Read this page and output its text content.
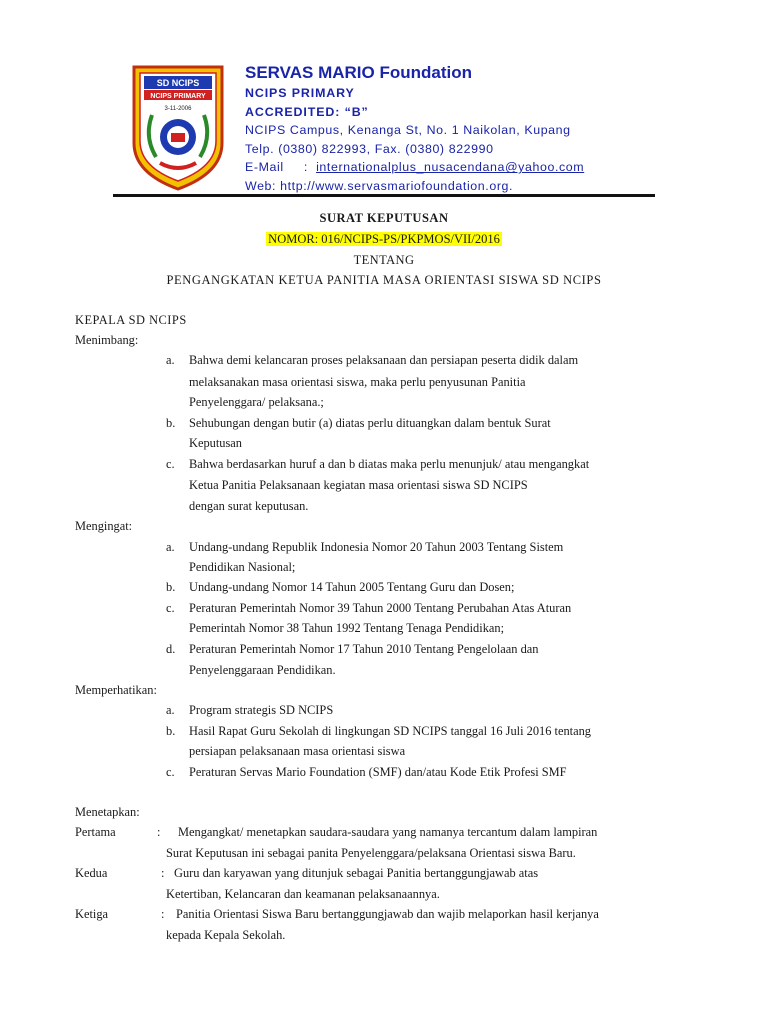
SD NCIPS
NCIPS PRIMARY
3-11-2006
SERVAS MARIO Foundation
NCIPS PRIMARY
ACCREDITED: “B”
NCIPS Campus, Kenanga St, No. 1 Naikolan, Kupang
Telp. (0380) 822993, Fax. (0380) 822990
E-Mail     :  internationalplus_nusacendana@yahoo.com
Web: http://www.servasmariofoundation.org.
SURAT KEPUTUSAN
NOMOR: 016/NCIPS-PS/PKPMOS/VII/2016
TENTANG
PENGANGKATAN KETUA PANITIA MASA ORIENTASI SISWA SD NCIPS
KEPALA SD NCIPS
Menimbang:
a. Bahwa demi kelancaran proses pelaksanaan dan persiapan peserta didik dalam
melaksanakan masa orientasi siswa, maka perlu penyusunan Panitia
Penyelenggara/ pelaksana.;
b. Sehubungan dengan butir (a) diatas perlu dituangkan dalam bentuk Surat
Keputusan
c. Bahwa berdasarkan huruf a dan b diatas maka perlu menunjuk/ atau mengangkat
Ketua Panitia Pelaksanaan kegiatan masa orientasi siswa SD NCIPS
dengan surat keputusan.
Mengingat:
a. Undang-undang Republik Indonesia Nomor 20 Tahun 2003 Tentang Sistem
Pendidikan Nasional;
b. Undang-undang Nomor 14 Tahun 2005 Tentang Guru dan Dosen;
c. Peraturan Pemerintah Nomor 39 Tahun 2000 Tentang Perubahan Atas Aturan
Pemerintah Nomor 38 Tahun 1992 Tentang Tenaga Pendidikan;
d. Peraturan Pemerintah Nomor 17 Tahun 2010 Tentang Pengelolaan dan
Penyelenggaraan Pendidikan.
Memperhatikan:
a. Program strategis SD NCIPS
b. Hasil Rapat Guru Sekolah di lingkungan SD NCIPS tanggal 16 Juli 2016 tentang
persiapan pelaksanaan masa orientasi siswa
c. Peraturan Servas Mario Foundation (SMF) dan/atau Kode Etik Profesi SMF
Menetapkan:
Pertama	: Mengangkat/ menetapkan saudara-saudara yang namanya tercantum dalam lampiran
Surat Keputusan ini sebagai panita Penyelenggara/pelaksana Orientasi siswa Baru.
Kedua	: Guru dan karyawan yang ditunjuk sebagai Panitia bertanggungjawab atas
Ketertiban, Kelancaran dan keamanan pelaksanaannya.
Ketiga	: Panitia Orientasi Siswa Baru bertanggungjawab dan wajib melaporkan hasil kerjanya
kepada Kepala Sekolah.
